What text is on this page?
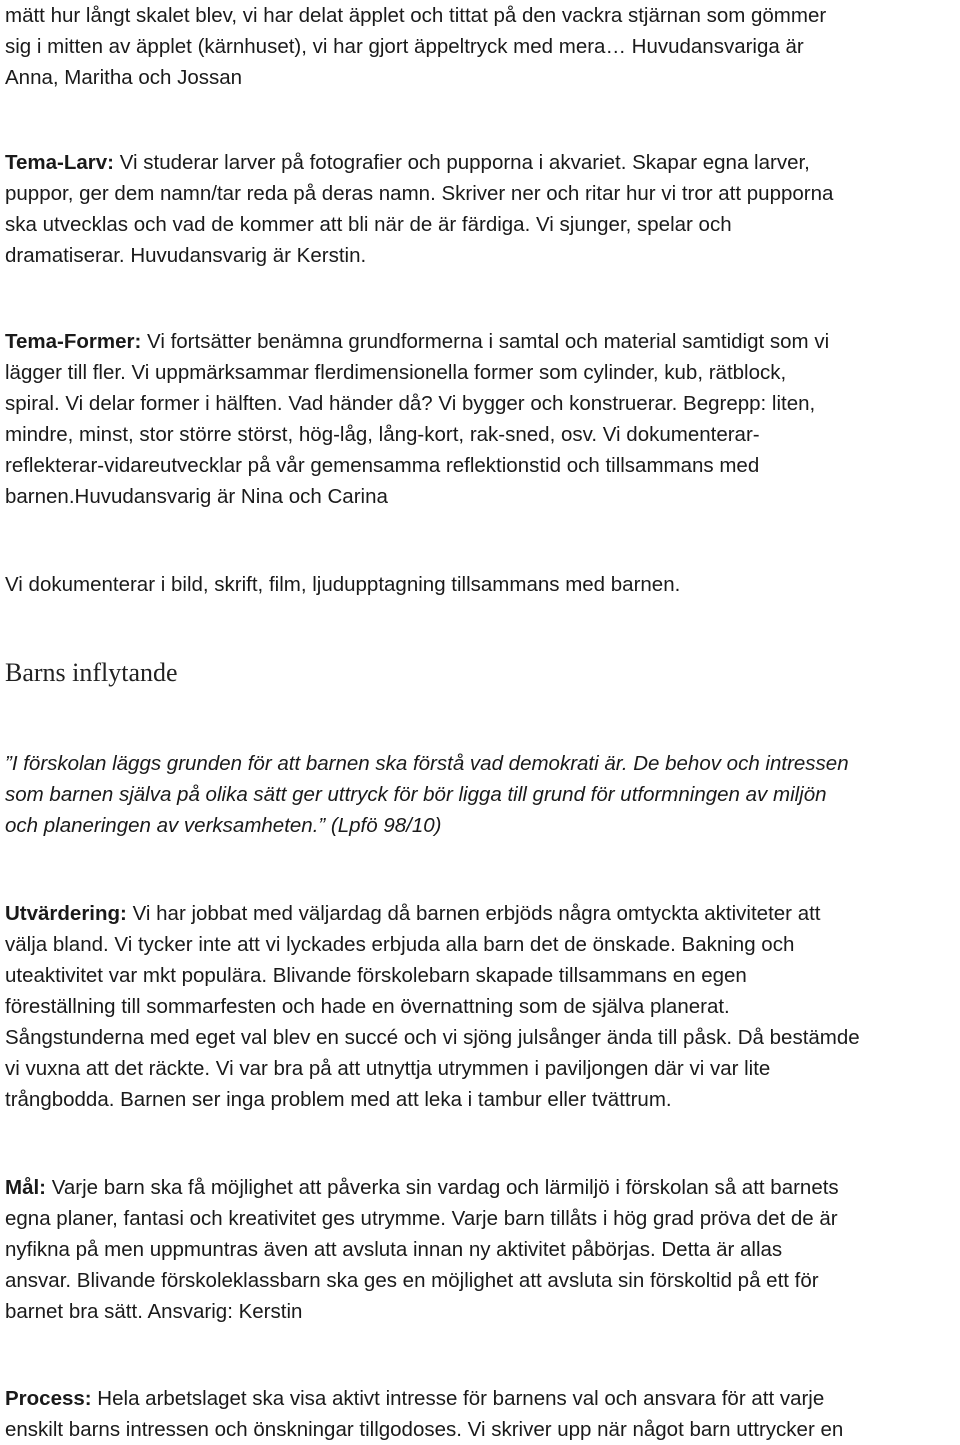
mätt hur långt skalet blev, vi har delat äpplet och tittat på den vackra stjärnan som gömmer
sig i mitten av äpplet (kärnhuset), vi har gjort äppeltryck med mera… Huvudansvariga är
Anna, Maritha och Jossan
Tema-Larv: Vi studerar larver på fotografier och pupporna i akvariet. Skapar egna larver,
puppor, ger dem namn/tar reda på deras namn. Skriver ner och ritar hur vi tror att pupporna
ska utvecklas och vad de kommer att bli när de är färdiga. Vi sjunger, spelar och
dramatiserar. Huvudansvarig är Kerstin.
Tema-Former: Vi fortsätter benämna grundformerna i samtal och material samtidigt som vi
lägger till fler. Vi uppmärksammar flerdimensionella former som cylinder, kub, rätblock,
spiral. Vi delar former i hälften. Vad händer då? Vi bygger och konstruerar. Begrepp: liten,
mindre, minst, stor större störst, hög-låg, lång-kort, rak-sned, osv. Vi dokumenterar-
reflekterar-vidareutvecklar på vår gemensamma reflektionstid och tillsammans med
barnen.Huvudansvarig är Nina och Carina
Vi dokumenterar i bild, skrift, film, ljudupptagning tillsammans med barnen.
Barns inflytande
”I förskolan läggs grunden för att barnen ska förstå vad demokrati är. De behov och intressen
som barnen själva på olika sätt ger uttryck för bör ligga till grund för utformningen av miljön
och planeringen av verksamheten.” (Lpfö 98/10)
Utvärdering: Vi har jobbat med väljardag då barnen erbjöds några omtyckta aktiviteter att
välja bland. Vi tycker inte att vi lyckades erbjuda alla barn det de önskade. Bakning och
uteaktivitet var mkt populära. Blivande förskolebarn skapade tillsammans en egen
föreställning till sommarfesten och hade en övernattning som de själva planerat.
Sångstunderna med eget val blev en succé och vi sjöng julsånger ända till påsk. Då bestämde
vi vuxna att det räckte. Vi var bra på att utnyttja utrymmen i paviljongen där vi var lite
trångbodda. Barnen ser inga problem med att leka i tambur eller tvättrum.
Mål: Varje barn ska få möjlighet att påverka sin vardag och lärmiljö i förskolan så att barnets
egna planer, fantasi och kreativitet ges utrymme. Varje barn tillåts i hög grad pröva det de är
nyfikna på men uppmuntras även att avsluta innan ny aktivitet påbörjas. Detta är allas
ansvar. Blivande förskoleklassbarn ska ges en möjlighet att avsluta sin förskoltid på ett för
barnet bra sätt. Ansvarig: Kerstin
Process: Hela arbetslaget ska visa aktivt intresse för barnens val och ansvara för att varje
enskilt barns intressen och önskningar tillgodoses. Vi skriver upp när något barn uttrycker en
